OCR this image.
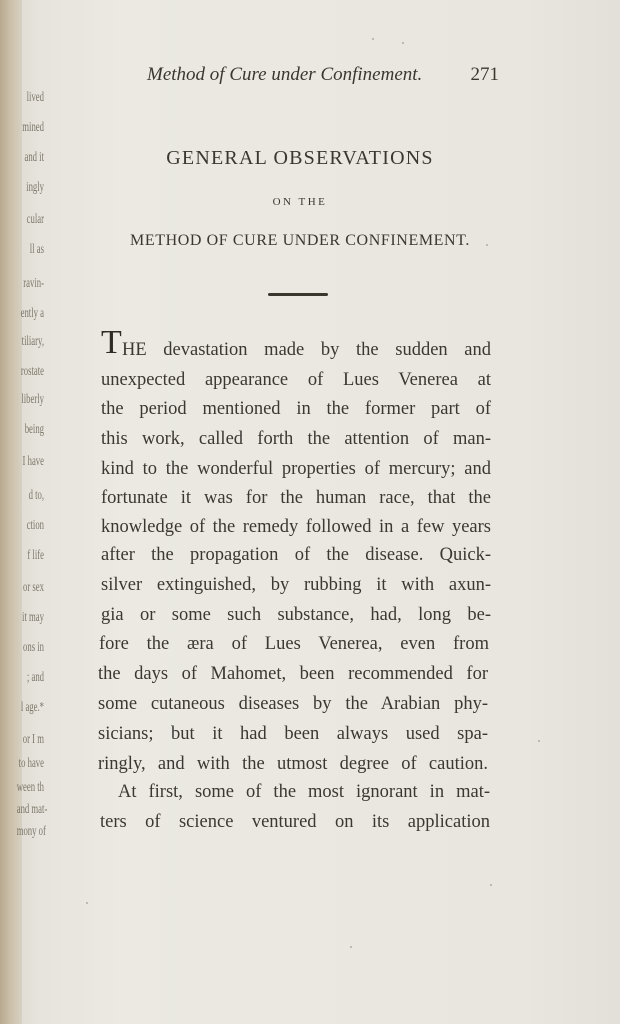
lived
mined
and it
ingly
cular
ll as
ravin-
ently a
tiliary,
rostate
liberly
being
I have
d to,
ction
f life
or sex
it may
ons in
; and
l age.*
or I m
to have
ween th
and mat-
mony of
Method of Cure under Confinement.	271
GENERAL OBSERVATIONS
ON THE
METHOD OF CURE UNDER CONFINEMENT.
T HE devastation made by the sudden and
unexpected appearance of Lues Venerea at
the period mentioned in the former part of
this work, called forth the attention of man-
kind to the wonderful properties of mercury; and
fortunate it was for the human race, that the
knowledge of the remedy followed in a few years
after the propagation of the disease. Quick-
silver extinguished, by rubbing it with axun-
gia or some such substance, had, long be-
fore the æra of Lues Venerea, even from
the days of Mahomet, been recommended for
some cutaneous diseases by the Arabian phy-
sicians; but it had been always used spa-
ringly, and with the utmost degree of caution.
At first, some of the most ignorant in mat-
ters of science ventured on its application
